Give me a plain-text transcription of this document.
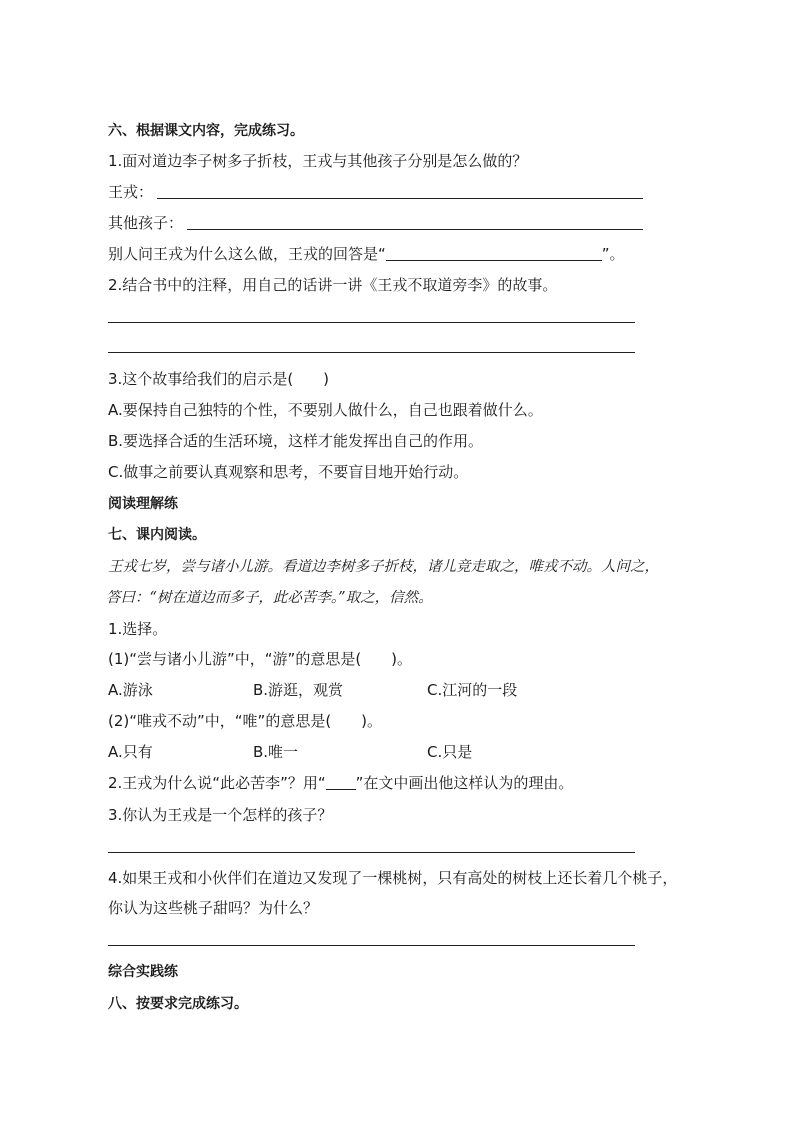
六、根据课文内容，完成练习。
1.面对道边李子树多子折枝，王戎与其他孩子分别是怎么做的？
王戎：
其他孩子：
别人问王戎为什么这么做，王戎的回答是“	”。
2.结合书中的注释，用自己的话讲一讲《王戎不取道旁李》的故事。
3.这个故事给我们的启示是(　　)
A.要保持自己独特的个性，不要别人做什么，自己也跟着做什么。
B.要选择合适的生活环境，这样才能发挥出自己的作用。
C.做事之前要认真观察和思考，不要盲目地开始行动。
阅读理解练
七、课内阅读。
王戎七岁，尝与诸小儿游。看道边李树多子折枝，诸儿竞走取之，唯戎不动。人问之，
答曰：“树在道边而多子，此必苦李。”取之，信然。
1.选择。
(1)“尝与诸小儿游”中，“游”的意思是(　　)。
A.游泳	B.游逛，观赏	C.江河的一段
(2)“唯戎不动”中，“唯”的意思是(　　)。
A.只有	B.唯一	C.只是
2.王戎为什么说“此必苦李”？用“ ”在文中画出他这样认为的理由。
3.你认为王戎是一个怎样的孩子？
4.如果王戎和小伙伴们在道边又发现了一棵桃树，只有高处的树枝上还长着几个桃子，
你认为这些桃子甜吗？为什么？
综合实践练
八、按要求完成练习。
